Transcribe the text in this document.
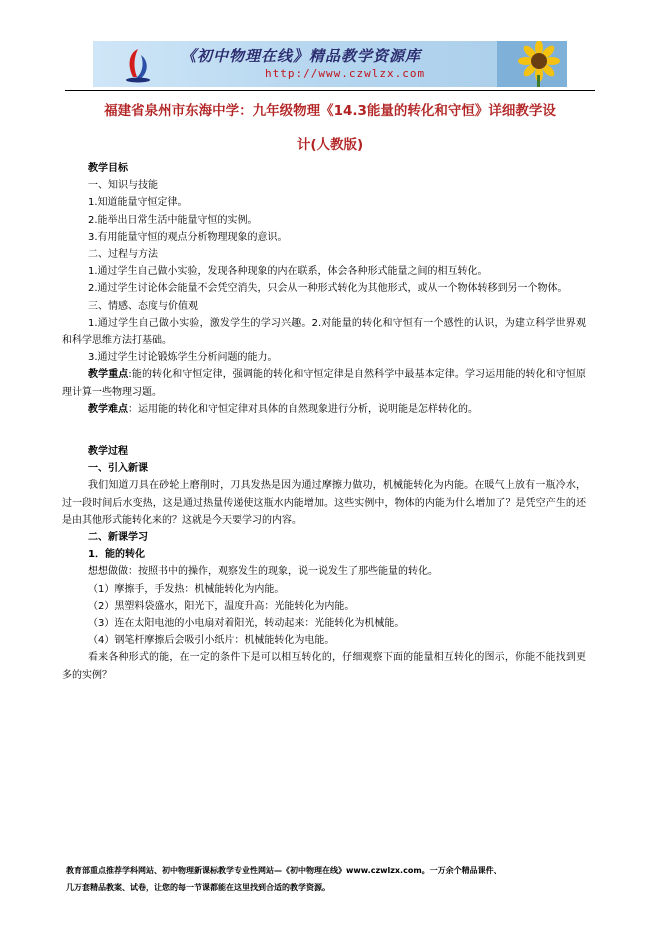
《初中物理在线》精品教学资源库
http://www.czwlzx.com
福建省泉州市东海中学：九年级物理《14.3能量的转化和守恒》详细教学设
计(人教版)
教学目标
一、知识与技能
1.知道能量守恒定律。
2.能举出日常生活中能量守恒的实例。
3.有用能量守恒的观点分析物理现象的意识。
二、过程与方法
1.通过学生自己做小实验，发现各种现象的内在联系，体会各种形式能量之间的相互转化。
2.通过学生讨论体会能量不会凭空消失，只会从一种形式转化为其他形式，或从一个物体转移到另一个物体。
三、情感、态度与价值观
1.通过学生自己做小实验，激发学生的学习兴趣。2.对能量的转化和守恒有一个感性的认识，为建立科学世界观和科学思维方法打基础。
3.通过学生讨论锻炼学生分析问题的能力。
教学重点:能的转化和守恒定律，强调能的转化和守恒定律是自然科学中最基本定律。学习运用能的转化和守恒原理计算一些物理习题。
教学难点：运用能的转化和守恒定律对具体的自然现象进行分析，说明能是怎样转化的。
教学过程
一、引入新课
我们知道刀具在砂轮上磨削时，刀具发热是因为通过摩擦力做功，机械能转化为内能。在暖气上放有一瓶冷水，过一段时间后水变热，这是通过热量传递使这瓶水内能增加。这些实例中，物体的内能为什么增加了？是凭空产生的还是由其他形式能转化来的？这就是今天要学习的内容。
二、新课学习
1．能的转化
想想做做：按照书中的操作，观察发生的现象，说一说发生了那些能量的转化。
（1）摩擦手，手发热：机械能转化为内能。
（2）黑塑料袋盛水，阳光下，温度升高：光能转化为内能。
（3）连在太阳电池的小电扇对着阳光，转动起来：光能转化为机械能。
（4）钢笔杆摩擦后会吸引小纸片：机械能转化为电能。
看来各种形式的能，在一定的条件下是可以相互转化的，仔细观察下面的能量相互转化的图示，你能不能找到更多的实例？
教育部重点推荐学科网站、初中物理新课标教学专业性网站—《初中物理在线》www.czwlzx.com。一万余个精品课件、
几万套精品教案、试卷，让您的每一节课都能在这里找到合适的教学资源。
